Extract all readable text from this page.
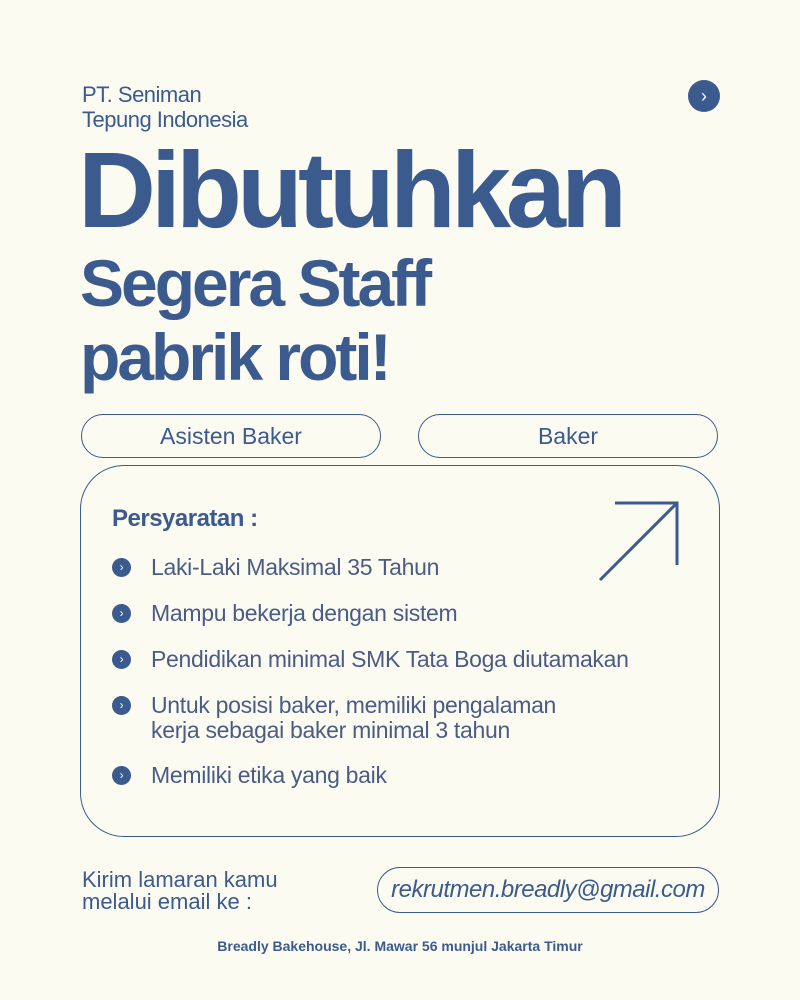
PT. Seniman
Tepung Indonesia
›
Dibutuhkan
Segera Staff
pabrik roti!
Asisten Baker	Baker
Persyaratan :
›	Laki-Laki Maksimal 35 Tahun
›	Mampu bekerja dengan sistem
›	Pendidikan minimal SMK Tata Boga diutamakan
›	Untuk posisi baker, memiliki pengalaman
kerja sebagai baker minimal 3 tahun
›	Memiliki etika yang baik
Kirim lamaran kamu
melalui email ke :	rekrutmen.breadly@gmail.com
Breadly Bakehouse, Jl. Mawar 56 munjul Jakarta Timur
